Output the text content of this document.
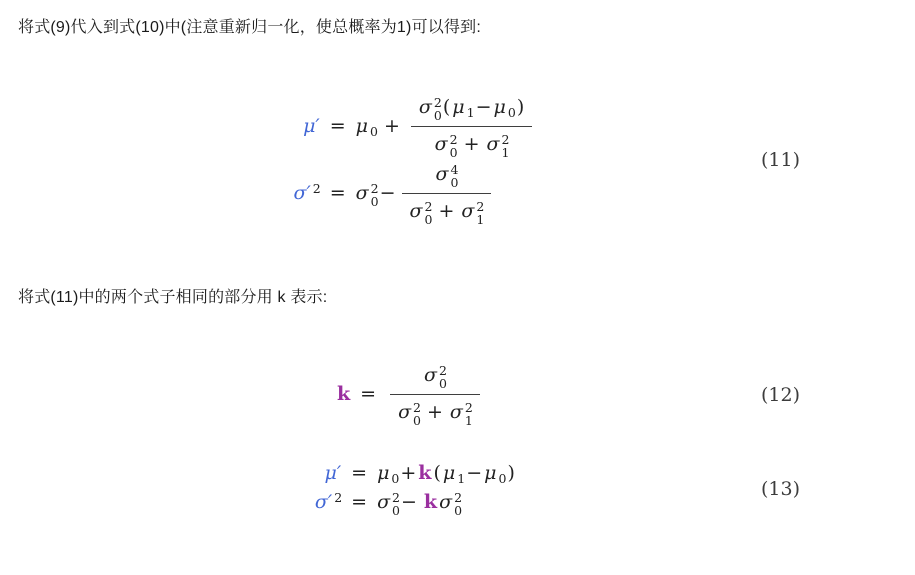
将式(9)代入到式(10)中(注意重新归一化，使总概率为1)可以得到:

μ′ = μ $_0$ + σ 2
0 ( μ $_1$− μ $_0$)
σ 2
0 + σ 2
1
σ′ $^2$ = σ 2
0 − σ 4
0
σ 2
0 + σ 2
1
(11)

将式(11)中的两个式子相同的部分用 k 表示:

k = σ 2
0
σ 2
0 + σ 2
1	(12)
μ′ = μ $_0$+ k ( μ $_1$− μ $_0$)
σ′ $^2$ = σ 2
0 − k σ 2
0
(13)
